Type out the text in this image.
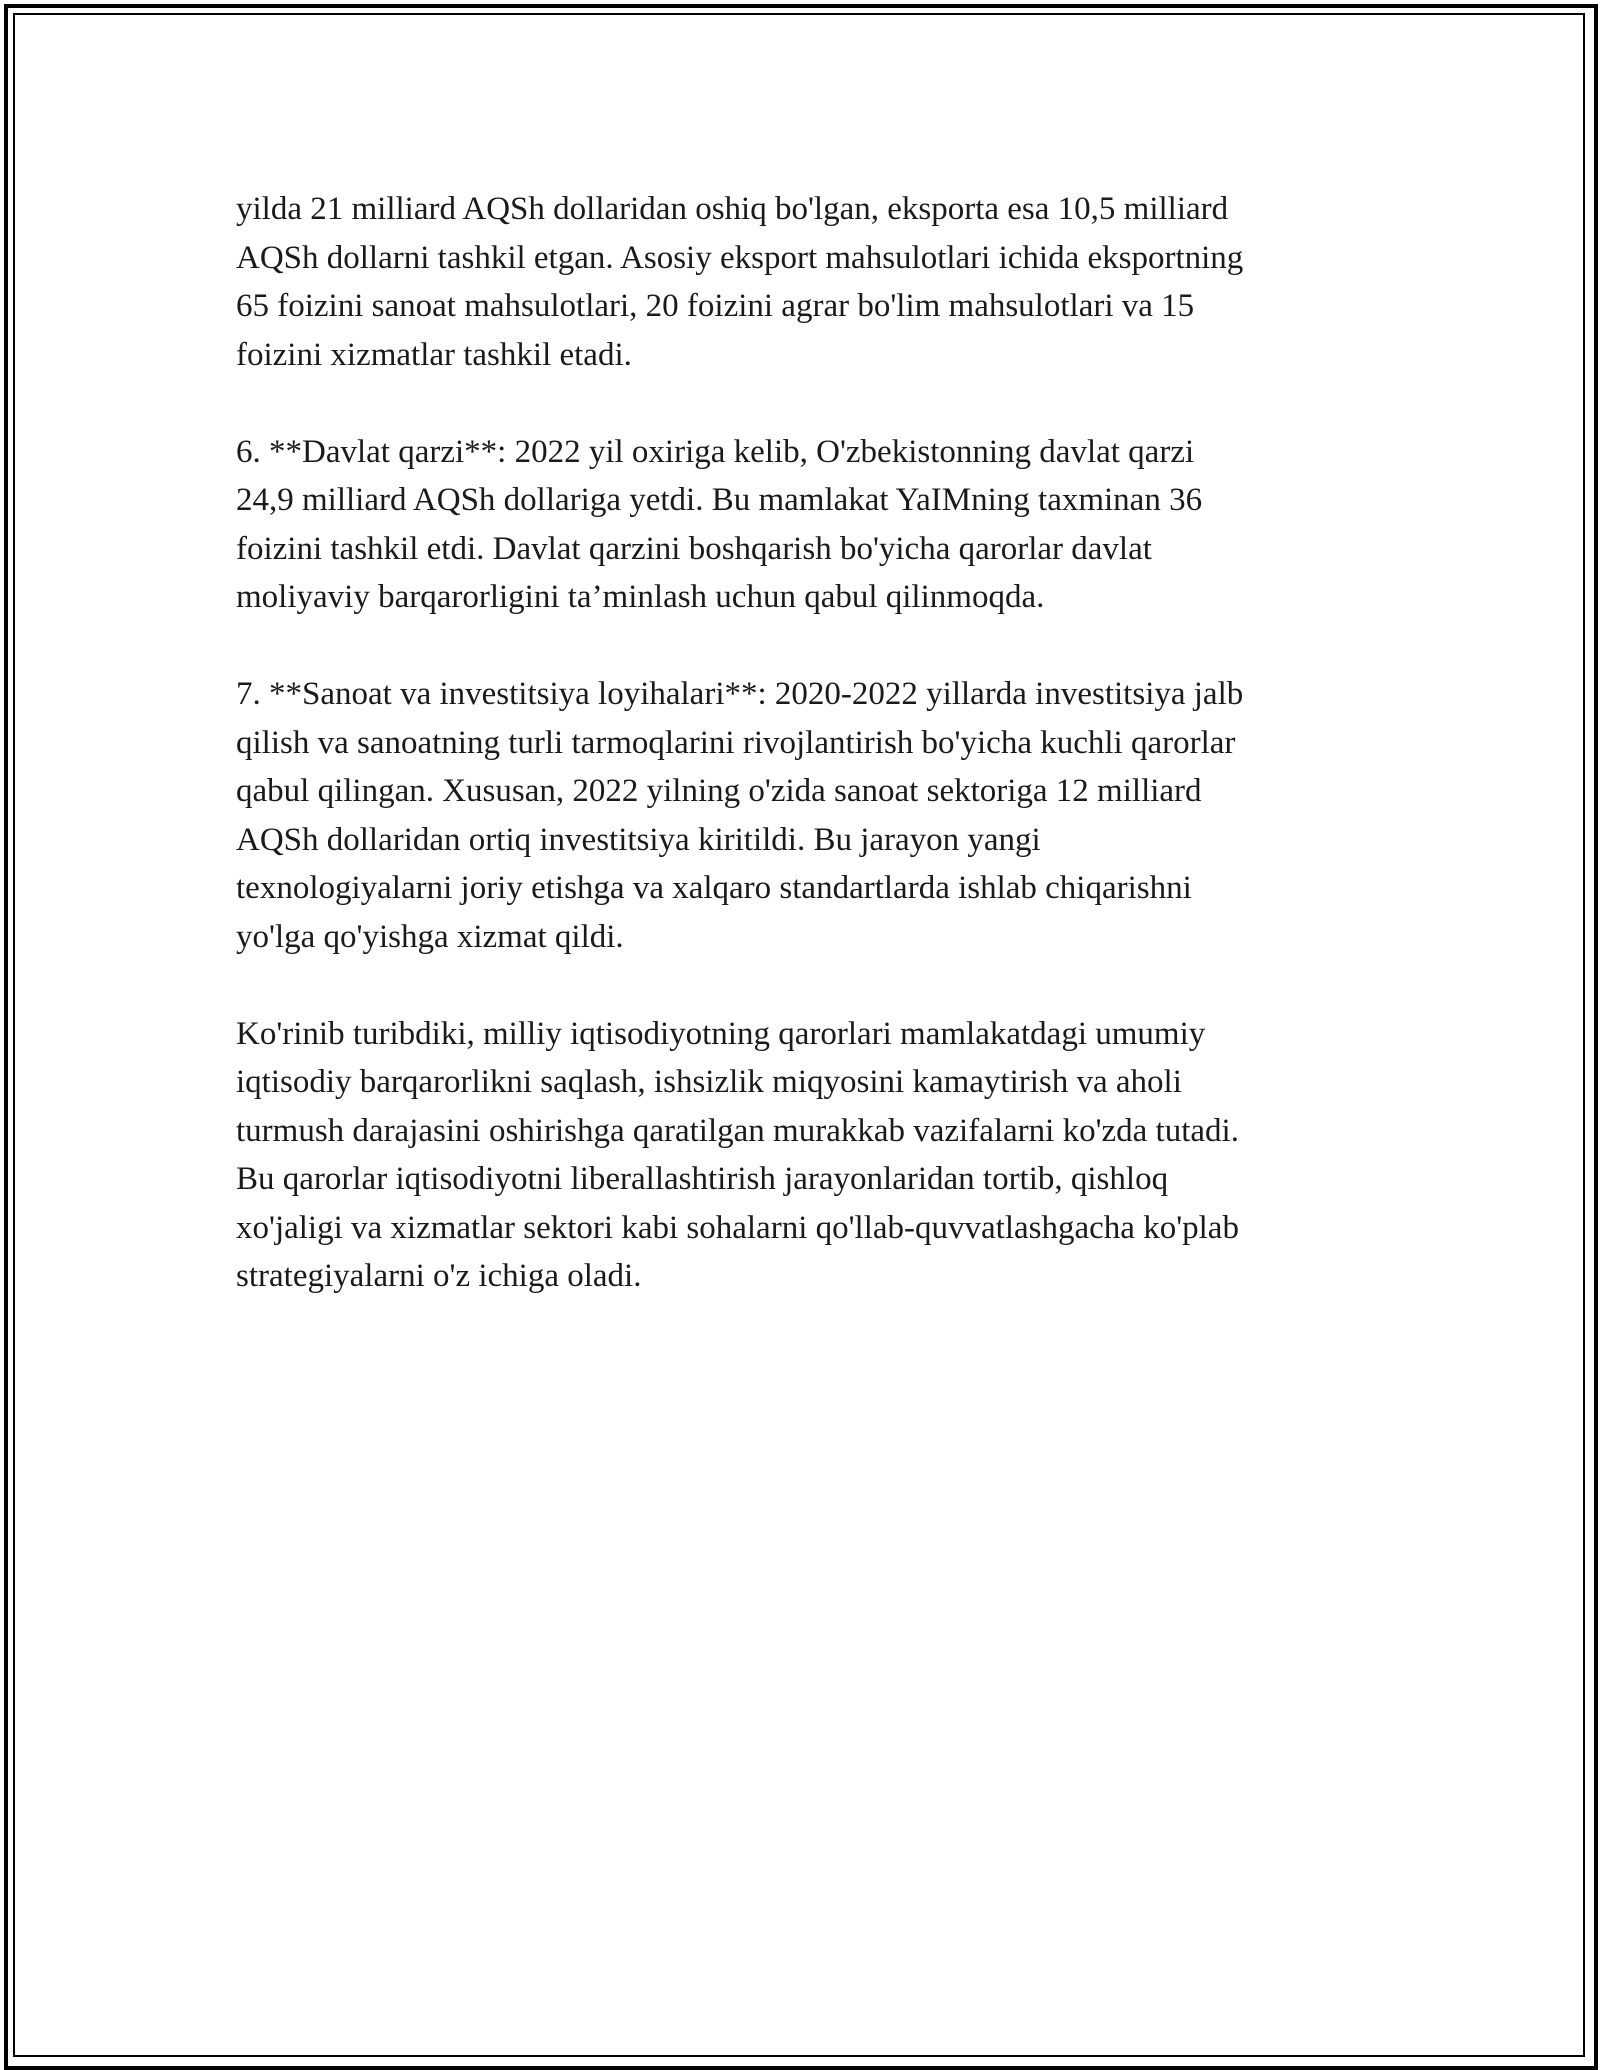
yilda 21 milliard AQSh dollaridan oshiq bo'lgan, eksporta esa 10,5 milliard
AQSh dollarni tashkil etgan. Asosiy eksport mahsulotlari ichida eksportning
65 foizini sanoat mahsulotlari, 20 foizini agrar bo'lim mahsulotlari va 15
foizini xizmatlar tashkil etadi.

6. **Davlat qarzi**: 2022 yil oxiriga kelib, O'zbekistonning davlat qarzi
24,9 milliard AQSh dollariga yetdi. Bu mamlakat YaIMning taxminan 36
foizini tashkil etdi. Davlat qarzini boshqarish bo'yicha qarorlar davlat
moliyaviy barqarorligini ta’minlash uchun qabul qilinmoqda.

7. **Sanoat va investitsiya loyihalari**: 2020-2022 yillarda investitsiya jalb
qilish va sanoatning turli tarmoqlarini rivojlantirish bo'yicha kuchli qarorlar
qabul qilingan. Xususan, 2022 yilning o'zida sanoat sektoriga 12 milliard
AQSh dollaridan ortiq investitsiya kiritildi. Bu jarayon yangi
texnologiyalarni joriy etishga va xalqaro standartlarda ishlab chiqarishni
yo'lga qo'yishga xizmat qildi.

Ko'rinib turibdiki, milliy iqtisodiyotning qarorlari mamlakatdagi umumiy
iqtisodiy barqarorlikni saqlash, ishsizlik miqyosini kamaytirish va aholi
turmush darajasini oshirishga qaratilgan murakkab vazifalarni ko'zda tutadi.
Bu qarorlar iqtisodiyotni liberallashtirish jarayonlaridan tortib, qishloq
xo'jaligi va xizmatlar sektori kabi sohalarni qo'llab-quvvatlashgacha ko'plab
strategiyalarni o'z ichiga oladi.
